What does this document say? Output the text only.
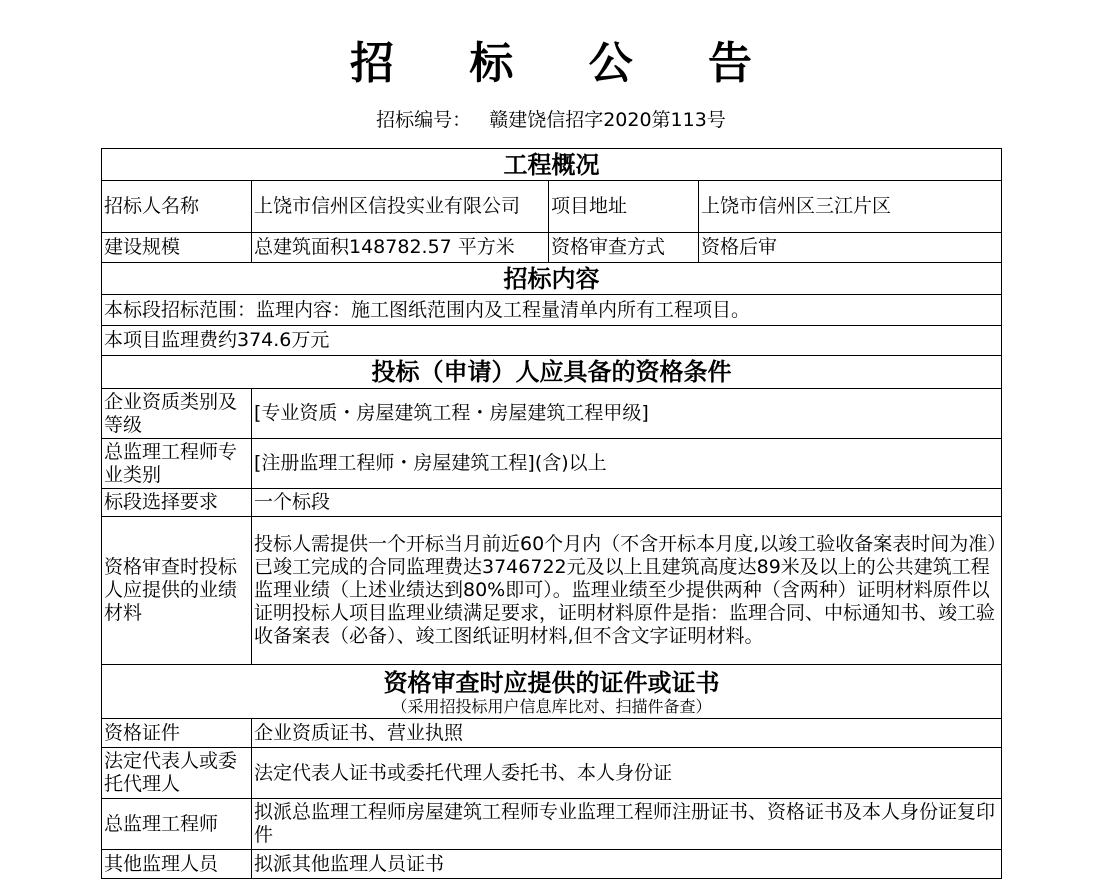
招 标 公 告
招标编号： 赣建饶信招字2020第113号
工程概况			
招标人名称	上饶市信州区信投实业有限公司	项目地址	上饶市信州区三江片区
建设规模	总建筑面积148782.57 平方米	资格审查方式	资格后审
招标内容			
本标段招标范围：监理内容：施工图纸范围内及工程量清单内所有工程项目。			
本项目监理费约374.6万元			
投标（申请）人应具备的资格条件			
企业资质类别及等级	[专业资质・房屋建筑工程・房屋建筑工程甲级]		
总监理工程师专业类别	[注册监理工程师・房屋建筑工程](含)以上		
标段选择要求	一个标段		
资格审查时投标人应提供的业绩材料	投标人需提供一个开标当月前近60个月内（不含开标本月度,以竣工验收备案表时间为准）已竣工完成的合同监理费达3746722元及以上且建筑高度达89米及以上的公共建筑工程监理业绩（上述业绩达到80%即可）。监理业绩至少提供两种（含两种）证明材料原件以证明投标人项目监理业绩满足要求，证明材料原件是指：监理合同、中标通知书、竣工验收备案表（必备）、竣工图纸证明材料,但不含文字证明材料。		
资格审查时应提供的证件或证书
（采用招投标用户信息库比对、扫描件备查）			

资格证件	企业资质证书、营业执照		
法定代表人或委托代理人	法定代表人证书或委托代理人委托书、本人身份证		
总监理工程师	拟派总监理工程师房屋建筑工程师专业监理工程师注册证书、资格证书及本人身份证复印件		
其他监理人员	拟派其他监理人员证书		
